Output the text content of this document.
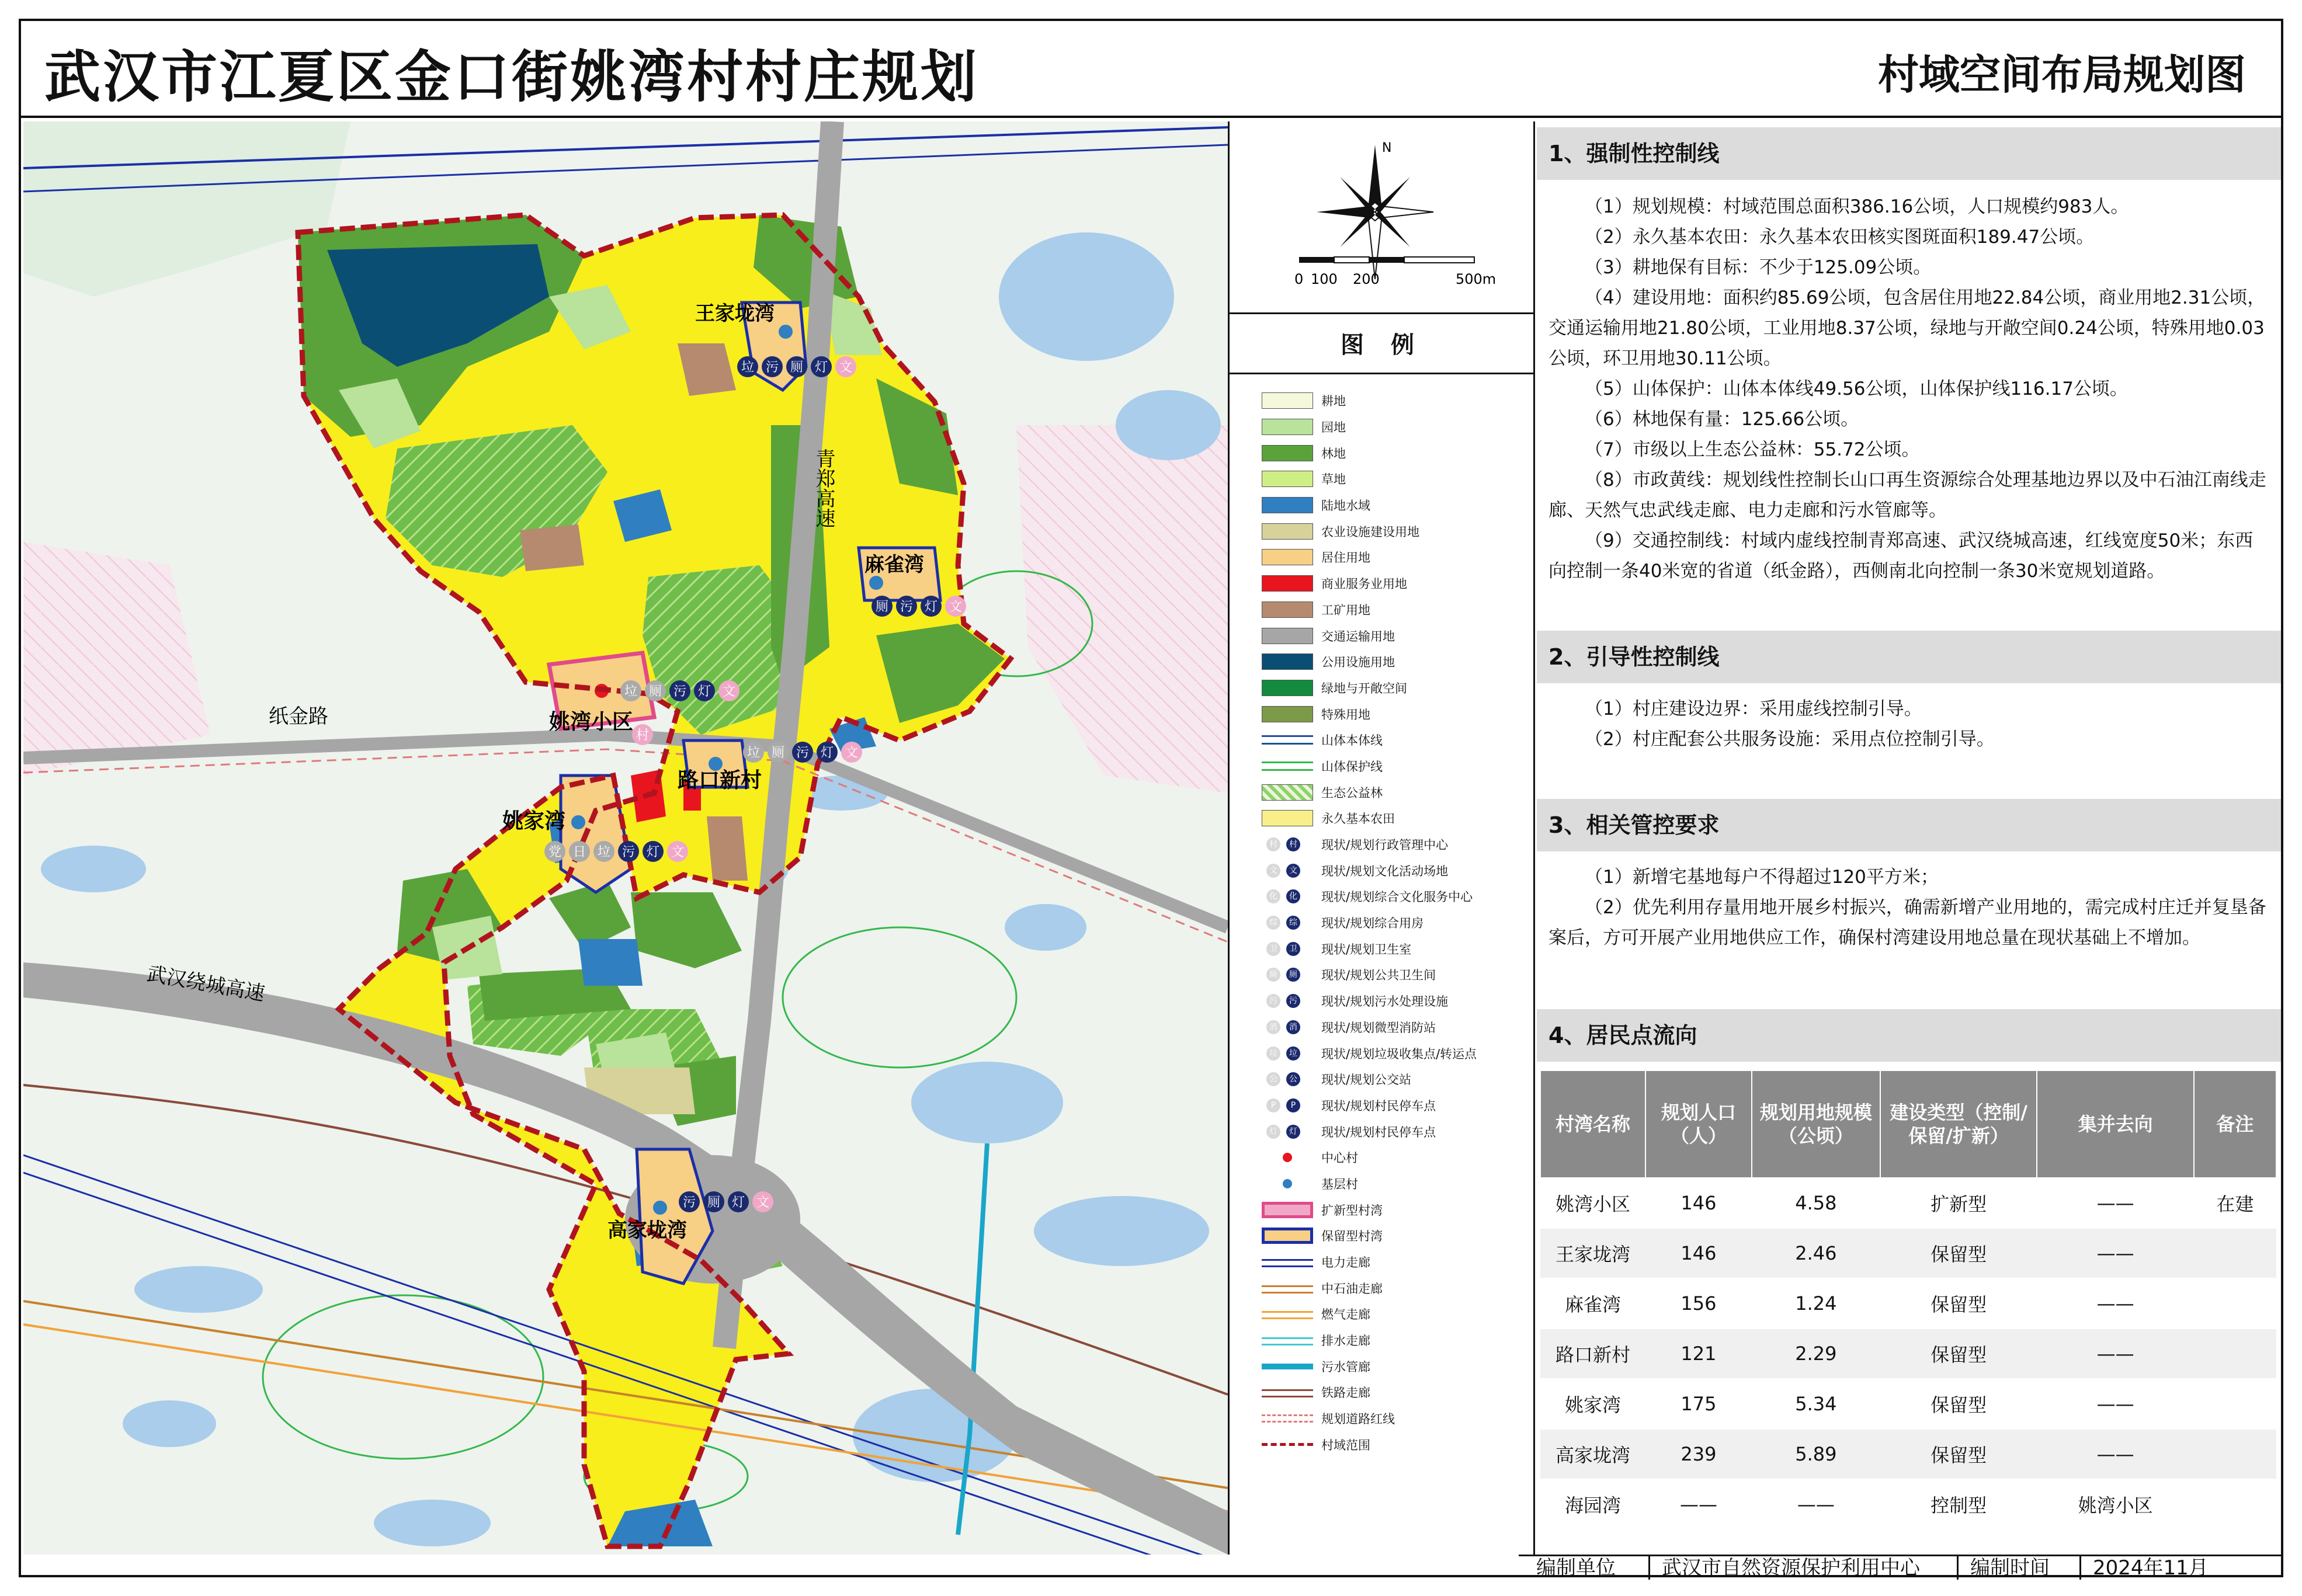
武汉市江夏区金口街姚湾村村庄规划	村域空间布局规划图
垃 污 厕 灯 文
厕 污 灯 文
垃 厕 污 灯 文
村
垃 厕 污 灯 文
党 日 垃 污 灯 文
污 厕 灯 文
王家垅湾
麻雀湾
姚湾小区
路口新村
姚家湾
高家垅湾
纸金路
青郑高速
武汉绕城高速
N
0 100 200	500m
图 例
耕地
园地
林地
草地
陆地水域
农业设施建设用地
居住用地
商业服务业用地
工矿用地
交通运输用地
公用设施用地
绿地与开敞空间
特殊用地
山体本体线
山体保护线
生态公益林
永久基本农田
村	村 现状/规划行政管理中心
文	文 现状/规划文化活动场地
化	化 现状/规划综合文化服务中心
综	综 现状/规划综合用房
卫	卫 现状/规划卫生室
厕	厕 现状/规划公共卫生间
污	污 现状/规划污水处理设施
消	消 现状/规划微型消防站
垃	垃 现状/规划垃圾收集点/转运点
公	公 现状/规划公交站
P	P	现状/规划村民停车点
灯	灯 现状/规划村民停车点
中心村
基层村
扩新型村湾
保留型村湾
电力走廊
中石油走廊
燃气走廊
排水走廊
污水管廊
铁路走廊
规划道路红线
村域范围
1、强制性控制线

（1）规划规模：村域范围总面积386.16公顷，人口规模约983人。

（2）永久基本农田：永久基本农田核实图斑面积189.47公顷。

（3）耕地保有目标：不少于125.09公顷。

（4）建设用地：面积约85.69公顷，包含居住用地22.84公顷，商业用地2.31公顷，交通运输用地21.80公顷，工业用地8.37公顷，绿地与开敞空间0.24公顷，特殊用地0.03公顷，环卫用地30.11公顷。

（5）山体保护：山体本体线49.56公顷，山体保护线116.17公顷。

（6）林地保有量：125.66公顷。

（7）市级以上生态公益林：55.72公顷。

（8）市政黄线：规划线性控制长山口再生资源综合处理基地边界以及中石油江南线走廊、天然气忠武线走廊、电力走廊和污水管廊等。

（9）交通控制线：村域内虚线控制青郑高速、武汉绕城高速，红线宽度50米；东西向控制一条40米宽的省道（纸金路），西侧南北向控制一条30米宽规划道路。

2、引导性控制线

（1）村庄建设边界：采用虚线控制引导。

（2）村庄配套公共服务设施：采用点位控制引导。

3、相关管控要求

（1）新增宅基地每户不得超过120平方米；

（2）优先利用存量用地开展乡村振兴，确需新增产业用地的，需完成村庄迁并复垦备案后，方可开展产业用地供应工作，确保村湾建设用地总量在现状基础上不增加。

4、居民点流向
村湾名称	规划人口（人）	规划用地规模（公顷）	建设类型（控制/保留/扩新）	集并去向	备注
姚湾小区	146	4.58	扩新型	——	在建
王家垅湾	146	2.46	保留型	——	
麻雀湾	156	1.24	保留型	——	
路口新村	121	2.29	保留型	——	
姚家湾	175	5.34	保留型	——	
高家垅湾	239	5.89	保留型	——	
海园湾	——	——	控制型	姚湾小区	
编制单位	武汉市自然资源保护利用中心	编制时间	2024年11月
